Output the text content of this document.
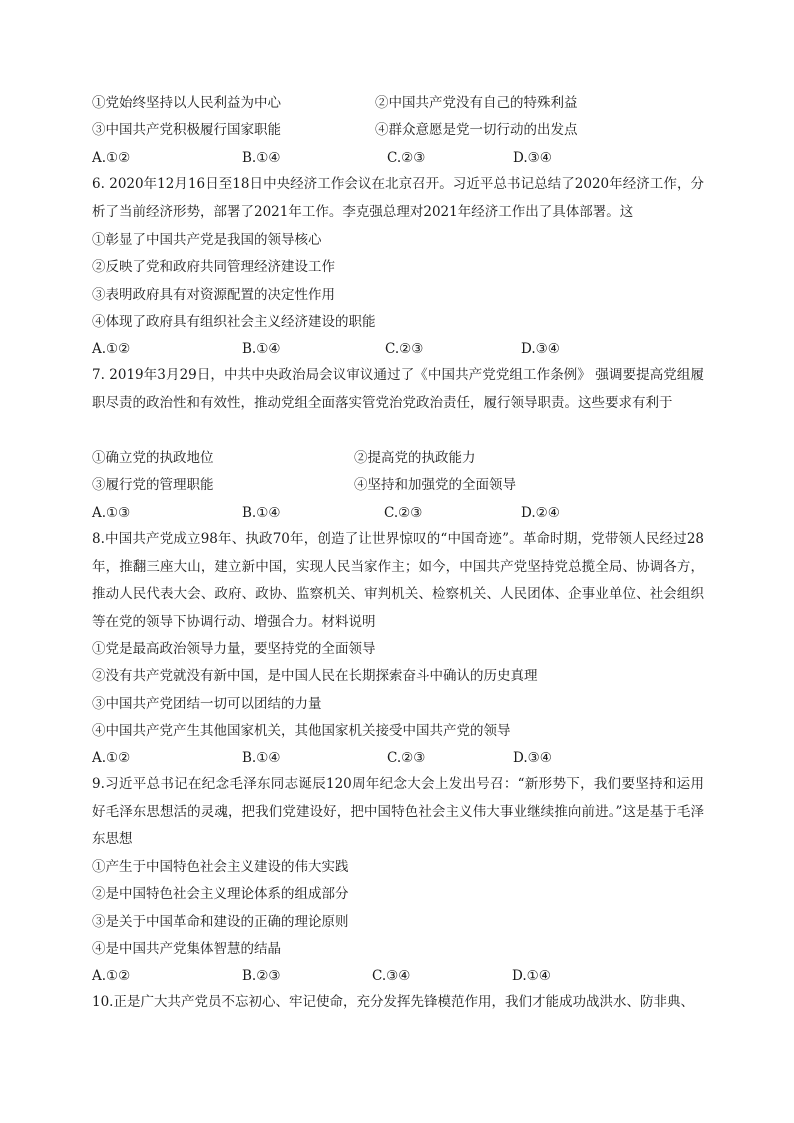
①党始终坚持以人民利益为中心	②中国共产党没有自己的特殊利益
③中国共产党积极履行国家职能	④群众意愿是党一切行动的出发点
A.①②	B.①④	C.②③	D.③④
6. 2020年12月16日至18日中央经济工作会议在北京召开。习近平总书记总结了2020年经济工作，分析了当前经济形势，部署了2021年工作。李克强总理对2021年经济工作出了具体部署。这
①彰显了中国共产党是我国的领导核心
②反映了党和政府共同管理经济建设工作
③表明政府具有对资源配置的决定性作用
④体现了政府具有组织社会主义经济建设的职能
A.①②	B.①④	C.②③	D.③④
7. 2019年3月29日，中共中央政治局会议审议通过了《中国共产党党组工作条例》 强调要提高党组履职尽责的政治性和有效性，推动党组全面落实管党治党政治责任，履行领导职责。这些要求有利于
①确立党的执政地位	②提高党的执政能力
③履行党的管理职能	④坚持和加强党的全面领导
A.①③	B.①④	C.②③	D.②④
8.中国共产党成立98年、执政70年，创造了让世界惊叹的“中国奇迹”。革命时期，党带领人民经过28年，推翻三座大山，建立新中国，实现人民当家作主；如今，中国共产党坚持党总揽全局、协调各方，推动人民代表大会、政府、政协、监察机关、审判机关、检察机关、人民团体、企事业单位、社会组织等在党的领导下协调行动、增强合力。材料说明
①党是最高政治领导力量，要坚持党的全面领导
②没有共产党就没有新中国，是中国人民在长期探索奋斗中确认的历史真理
③中国共产党团结一切可以团结的力量
④中国共产党产生其他国家机关，其他国家机关接受中国共产党的领导
A.①②	B.①④	C.②③	D.③④
9.习近平总书记在纪念毛泽东同志诞辰120周年纪念大会上发出号召：“新形势下，我们要坚持和运用好毛泽东思想活的灵魂，把我们党建设好，把中国特色社会主义伟大事业继续推向前进。”这是基于毛泽东思想
①产生于中国特色社会主义建设的伟大实践
②是中国特色社会主义理论体系的组成部分
③是关于中国革命和建设的正确的理论原则
④是中国共产党集体智慧的结晶
A.①②	B.②③	C.③④	D.①④
10.正是广大共产党员不忘初心、牢记使命，充分发挥先锋模范作用，我们才能成功战洪水、防非典、
